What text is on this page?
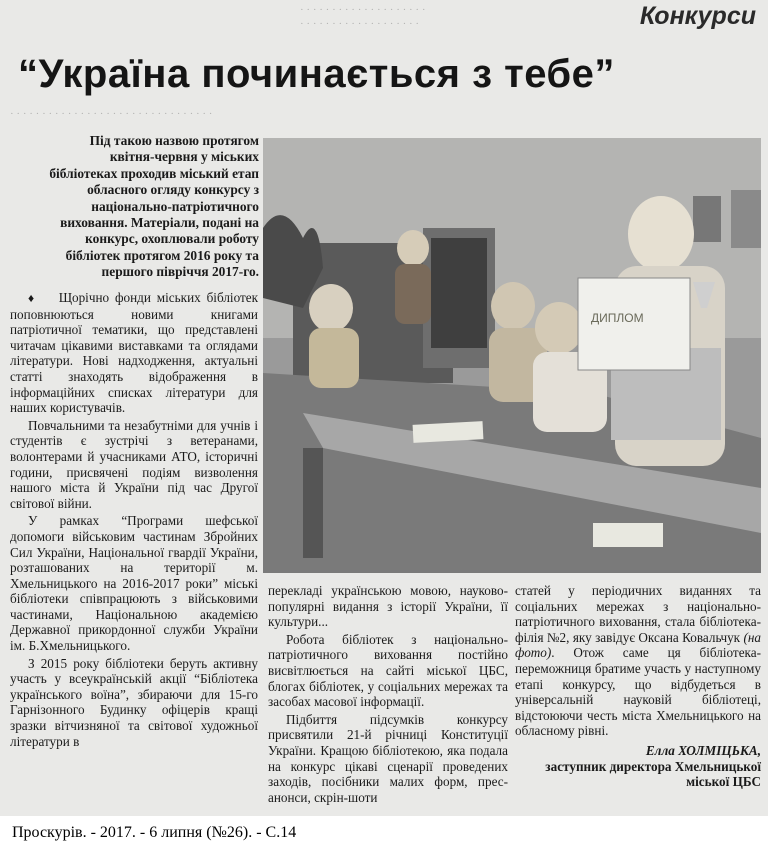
· · · · · · · · · · · · · · · · · · · ·
· · · · · · · · · · · · · · · · · · ·
· · · · · · · · · · · · · · · · · · · · · · · · · · · · · · · ·
Конкурси
“Україна починається з тебе”
Під такою назвою протягом квітня-червня у міських бібліотеках проходив міський етап обласного огляду конкурсу з національно-патріотичного виховання. Матеріали, подані на конкурс, охоплювали роботу бібліотек протягом 2016 року та першого півріччя 2017-го.

♦ Щорічно фонди міських бібліотек поповнюються новими книгами патріотичної тематики, що представлені читачам цікавими виставками та оглядами літератури. Нові надходження, актуальні статті знаходять відображення в інформаційних списках літератури для наших користувачів.

Повчальними та незабутніми для учнів і студентів є зустрічі з ветеранами, волонтерами й учасниками АТО, історичні години, присвячені подіям визволення нашого міста й України під час Другої світової війни.

У рамках “Програми шефської допомоги військовим частинам Збройних Сил України, Національної гвардії України, розташованих на території м. Хмельницького на 2016-2017 роки” міські бібліотеки співпрацюють з військовими частинами, Національною академією Державної прикордонної служби України ім. Б.Хмельницького.

З 2015 року бібліотеки беруть активну участь у всеукраїнській акції “Бібліотека українського воїна”, збираючи для 15-го Гарнізонного Будинку офіцерів кращі зразки вітчизняної та світової художньої літератури в

ДИПЛОМ

перекладі українською мовою, науково-популярні видання з історії України, її культури...

Робота бібліотек з національно-патріотичного виховання постійно висвітлюється на сайті міської ЦБС, блогах бібліотек, у соціальних мережах та засобах масової інформації.

Підбиття підсумків конкурсу присвятили 21-й річниці Конституції України. Кращою бібліотекою, яка подала на конкурс цікаві сценарії проведених заходів, посібники малих форм, прес-анонси, скрін-шоти

статей у періодичних виданнях та соціальних мережах з національно-патріотичного виховання, стала бібліотека-філія №2, яку завідує Оксана Ковальчук (на фото). Отож саме ця бібліотека-переможниця братиме участь у наступному етапі конкурсу, що відбудеться в універсальній науковій бібліотеці, відстоюючи честь міста Хмельницького на обласному рівні.

Елла ХОЛМІЦЬКА,
заступник директора Хмельницької міської ЦБС
Проскурів. - 2017. - 6 липня (№26). - С.14
